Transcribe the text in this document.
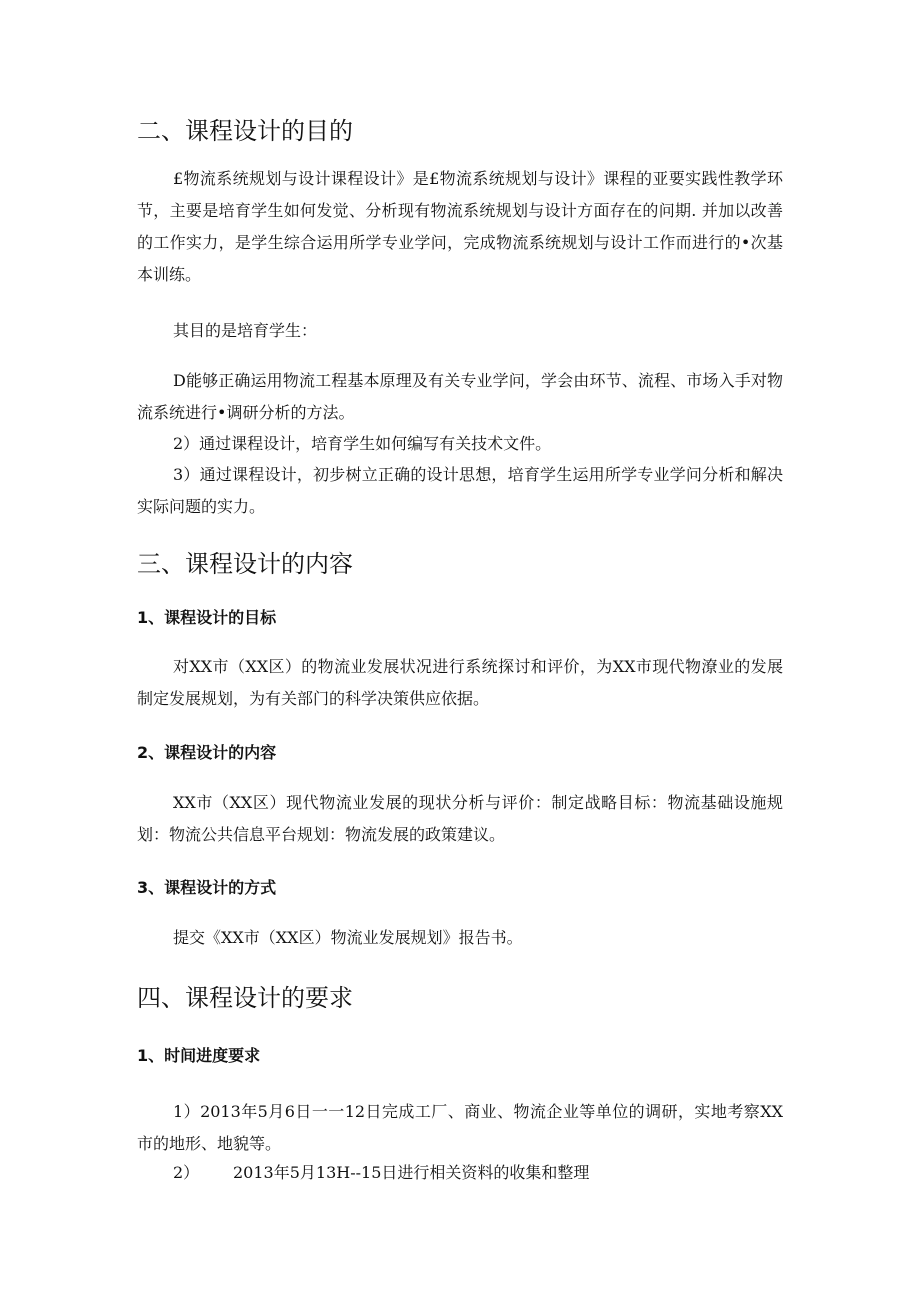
二、课程设计的目的

£物流系统规划与设计课程设计》是£物流系统规划与设计》课程的亚要实践性教学环节，主要是培育学生如何发觉、分析现有物流系统规划与设计方面存在的问期. 并加以改善的工作实力，是学生综合运用所学专业学问，完成物流系统规划与设计工作而进行的•次基本训练。

其目的是培育学生：

D能够正确运用物流工程基本原理及有关专业学问，学会由环节、流程、市场入手对物流系统进行•调研分析的方法。

2）通过课程设计，培育学生如何编写有关技术文件。

3）通过课程设计，初步树立正确的设计思想，培育学生运用所学专业学问分析和解决实际问题的实力。

三、课程设计的内容
1、课程设计的目标

对XX市（XX区）的物流业发展状况进行系统探讨和评价，为XX市现代物潦业的发展制定发展规划，为有关部门的科学决策供应依据。

2、课程设计的内容

XX市（XX区）现代物流业发展的现状分析与评价：制定战略目标：物流基础设施规划：物流公共信息平台规划：物流发展的政策建议。

3、课程设计的方式

提交《XX市（XX区）物流业发展规划》报告书。

四、课程设计的要求
1、时间进度要求

1）2013年5月6日一一12日完成工厂、商业、物流企业等单位的调研，实地考察XX市的地形、地貌等。

2） 2013年5月13H--15日进行相关资料的收集和整理
